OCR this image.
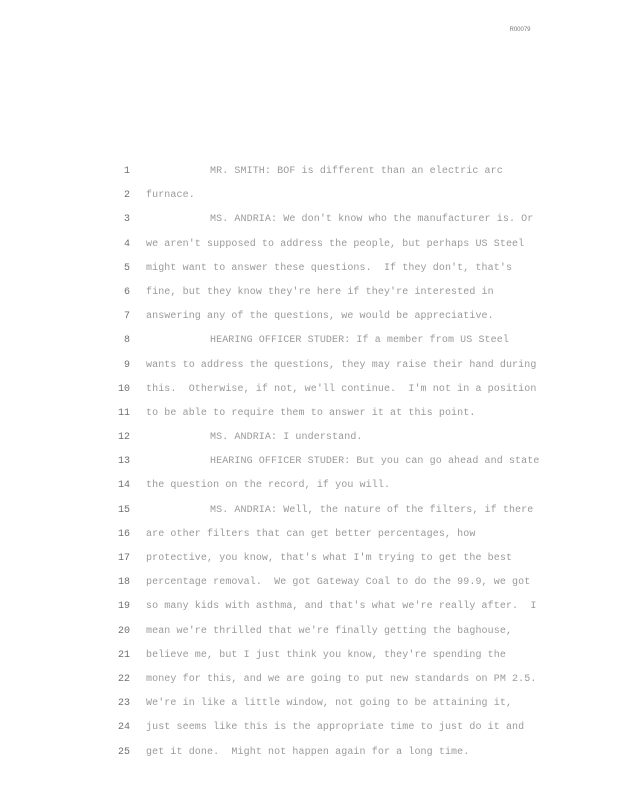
R00079
1	MR. SMITH: BOF is different than an electric arc
2 furnace.
3	MS. ANDRIA: We don't know who the manufacturer is. Or
4 we aren't supposed to address the people, but perhaps US Steel
5 might want to answer these questions.  If they don't, that's
6 fine, but they know they're here if they're interested in
7 answering any of the questions, we would be appreciative.
8	HEARING OFFICER STUDER: If a member from US Steel
9 wants to address the questions, they may raise their hand during
10 this.  Otherwise, if not, we'll continue.  I'm not in a position
11 to be able to require them to answer it at this point.
12	MS. ANDRIA: I understand.
13	HEARING OFFICER STUDER: But you can go ahead and state
14 the question on the record, if you will.
15	MS. ANDRIA: Well, the nature of the filters, if there
16 are other filters that can get better percentages, how
17 protective, you know, that's what I'm trying to get the best
18 percentage removal.  We got Gateway Coal to do the 99.9, we got
19 so many kids with asthma, and that's what we're really after.  I
20 mean we're thrilled that we're finally getting the baghouse,
21 believe me, but I just think you know, they're spending the
22 money for this, and we are going to put new standards on PM 2.5.
23 We're in like a little window, not going to be attaining it,
24 just seems like this is the appropriate time to just do it and
25 get it done.  Might not happen again for a long time.
